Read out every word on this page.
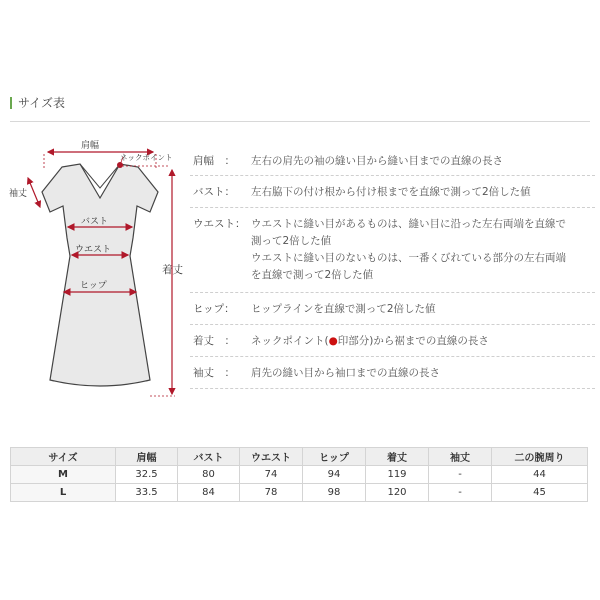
サイズ表
肩幅
ネックポイント
袖丈
バスト
ウエスト
ヒップ
着丈
肩幅　： 左右の肩先の袖の縫い目から縫い目までの直線の長さ
バスト： 左右脇下の付け根から付け根までを直線で測って2倍した値
ウエスト： ウエストに縫い目があるものは、縫い目に沿った左右両端を直線で
測って2倍した値
ウエストに縫い目のないものは、一番くびれている部分の左右両端
を直線で測って2倍した値
ヒップ： ヒップラインを直線で測って2倍した値
着丈　： ネックポイント(●印部分)から裾までの直線の長さ
袖丈　： 肩先の縫い目から袖口までの直線の長さ
サイズ	肩幅	バスト	ウエスト	ヒップ	着丈	袖丈	二の腕周り
M	32.5	80	74	94	119	-	44
L	33.5	84	78	98	120	-	45
